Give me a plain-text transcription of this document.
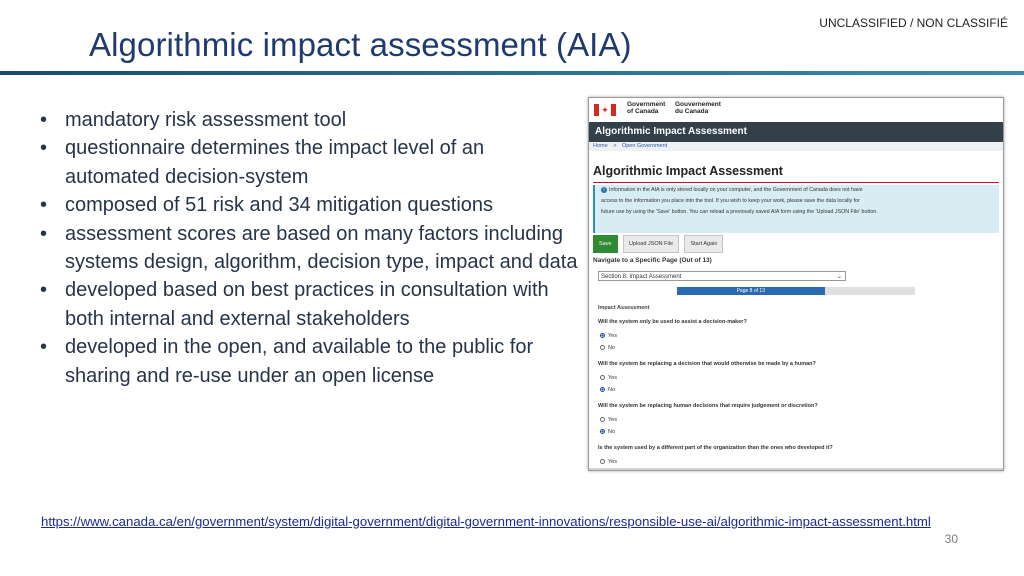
UNCLASSIFIED / NON CLASSIFIÉ
Algorithmic impact assessment (AIA)
• mandatory risk assessment tool
• questionnaire determines the impact level of an automated decision-system
• composed of 51 risk and 34 mitigation questions
• assessment scores are based on many factors including systems design, algorithm, decision type, impact and data
• developed based on best practices in consultation with both internal and external stakeholders
• developed in the open, and available to the public for sharing and re-use under an open license
✦
Government
of Canada
Gouvernement
du Canada
Algorithmic Impact Assessment
Home > Open Government
Algorithmic Impact Assessment
i Information in the AIA is only stored locally on your computer, and the Government of Canada does not have
access to the information you place into the tool. If you wish to keep your work, please save the data locally for
future use by using the 'Save' button. You can reload a previously saved AIA form using the 'Upload JSON File' button.
Save	Upload JSON File	Start Again
Navigate to a Specific Page (Out of 13)
Section 8: Impact Assessment	⌄
Page 8 of 13
Impact Assessment
Will the system only be used to assist a decision-maker?
Yes
No
Will the system be replacing a decision that would otherwise be made by a human?
Yes
No
Will the system be replacing human decisions that require judgement or discretion?
Yes
No
Is the system used by a different part of the organization than the ones who developed it?
Yes
https://www.canada.ca/en/government/system/digital-government/digital-government-innovations/responsible-use-ai/algorithmic-impact-assessment.html
30
